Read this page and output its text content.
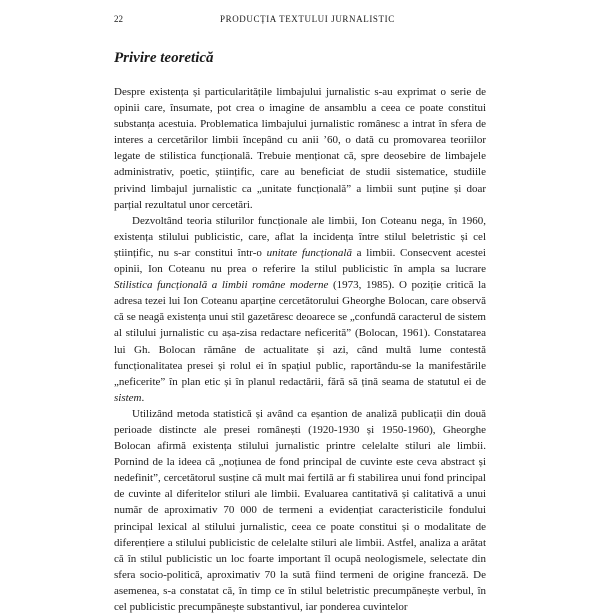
22	PRODUCȚIA TEXTULUI JURNALISTIC
Privire teoretică

Despre existența și particularitățile limbajului jurnalistic s-au exprimat o serie de opinii care, însumate, pot crea o imagine de ansamblu a ceea ce poate constitui substanța acestuia. Problematica limbajului jurnalistic românesc a intrat în sfera de interes a cercetărilor limbii începând cu anii ’60, o dată cu promovarea teoriilor legate de stilistica funcțională. Trebuie menționat că, spre deosebire de limbajele administrativ, poetic, științific, care au beneficiat de studii sistematice, studiile privind limbajul jurnalistic ca „unitate funcțională” a limbii sunt puține și doar parțial rezultatul unor cercetări.

Dezvoltând teoria stilurilor funcționale ale limbii, Ion Coteanu nega, în 1960, existența stilului publicistic, care, aflat la incidența între stilul beletristic și cel științific, nu s-ar constitui într-o unitate funcțională a limbii. Consecvent acestei opinii, Ion Coteanu nu prea o referire la stilul publicistic în ampla sa lucrare Stilistica funcțională a limbii române moderne (1973, 1985). O poziție critică la adresa tezei lui Ion Coteanu aparține cercetătorului Gheorghe Bolocan, care observă că se neagă existența unui stil gazetăresc deoarece se „confundă caracterul de sistem al stilului jurnalistic cu așa-zisa redactare neficerită” (Bolocan, 1961). Constatarea lui Gh. Bolocan rămâne de actualitate și azi, când multă lume contestă funcționalitatea presei și rolul ei în spațiul public, raportându-se la manifestările „neficerite” în plan etic și în planul redactării, fără să țină seama de statutul ei de sistem.

Utilizând metoda statistică și având ca eșantion de analiză publicații din două perioade distincte ale presei românești (1920-1930 și 1950-1960), Gheorghe Bolocan afirmă existența stilului jurnalistic printre celelalte stiluri ale limbii. Pornind de la ideea că „noțiunea de fond principal de cuvinte este ceva abstract și nedefinit”, cercetătorul susține că mult mai fertilă ar fi stabilirea unui fond principal de cuvinte al diferitelor stiluri ale limbii. Evaluarea cantitativă și calitativă a unui număr de aproximativ 70 000 de termeni a evidențiat caracteristicile fondului principal lexical al stilului jurnalistic, ceea ce poate constitui și o modalitate de diferențiere a stilului publicistic de celelalte stiluri ale limbii. Astfel, analiza a arătat că în stilul publicistic un loc foarte important îl ocupă neologismele, selectate din sfera socio-politică, aproximativ 70 la sută fiind termeni de origine franceză. De asemenea, s-a constatat că, în timp ce în stilul beletristic precumpănește verbul, în cel publicistic precumpănește substantivul, iar ponderea cuvintelor
